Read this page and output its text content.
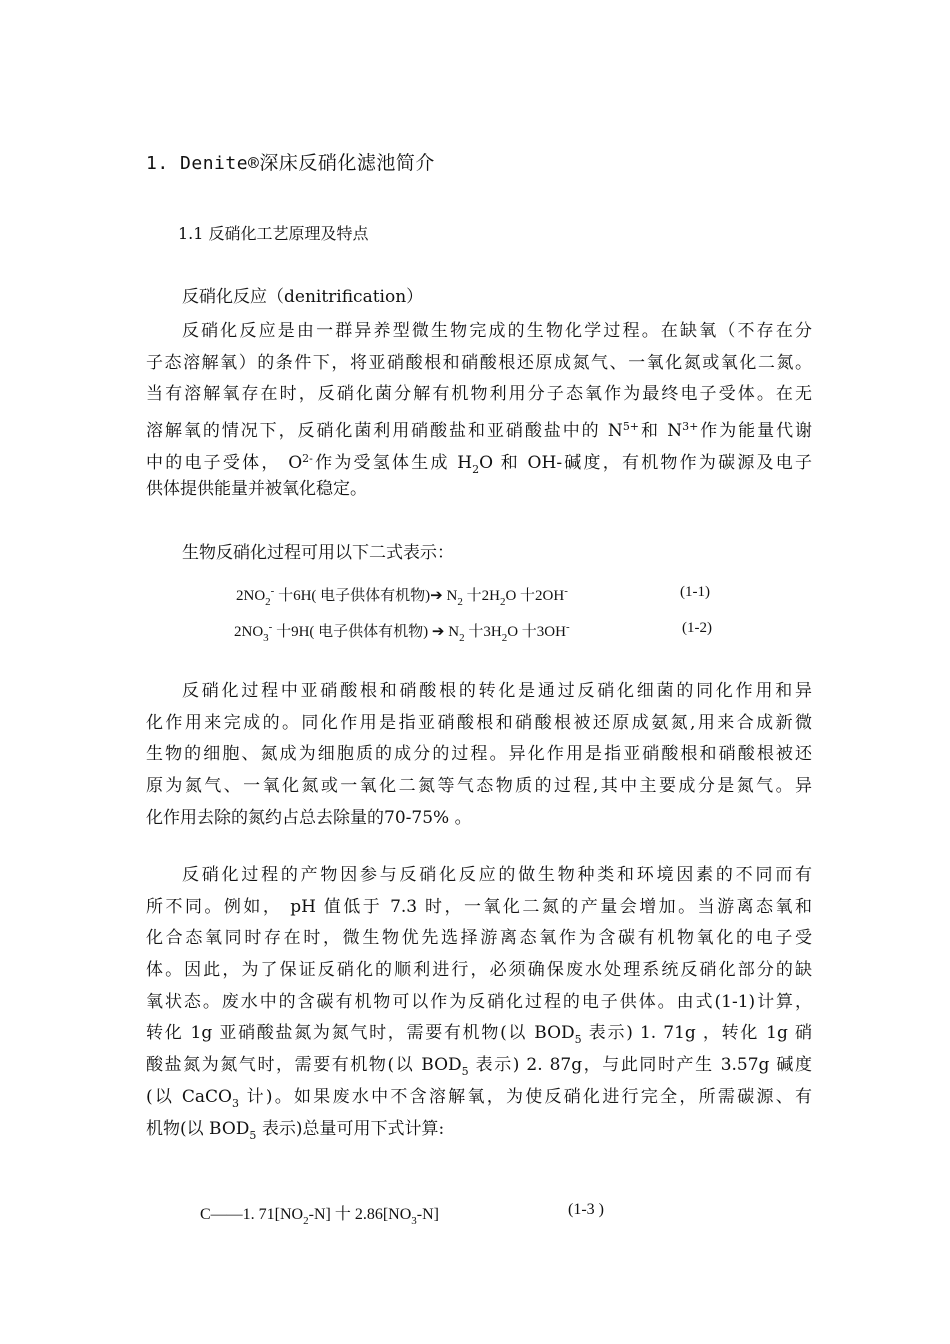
1. Denite®深床反硝化滤池简介
1.1 反硝化工艺原理及特点
反硝化反应（denitrification）
反硝化反应是由一群异养型微生物完成的生物化学过程。在缺氧（不存在分
子态溶解氧）的条件下，将亚硝酸根和硝酸根还原成氮气、一氧化氮或氧化二氮。
当有溶解氧存在时，反硝化菌分解有机物利用分子态氧作为最终电子受体。在无
溶解氧的情况下，反硝化菌利用硝酸盐和亚硝酸盐中的 $N^{5+}$和 $N^{3+}$作为能量代谢
中的电子受体， $O^{2-}$作为受氢体生成 $H_2O$ 和 OH-碱度，有机物作为碳源及电子
供体提供能量并被氧化稳定。
生物反硝化过程可用以下二式表示：
$2NO_2^-$ 十6H( 电子供体有机物)➔ $N_2$ 十$2H_2O$ 十2OH-	(1-1)
$2NO_3^-$ 十9H( 电子供体有机物) ➔ $N_2$ 十$3H_2O$ 十3OH-	(1-2)
反硝化过程中亚硝酸根和硝酸根的转化是通过反硝化细菌的同化作用和异
化作用来完成的。同化作用是指亚硝酸根和硝酸根被还原成氨氮,用来合成新微
生物的细胞、氮成为细胞质的成分的过程。异化作用是指亚硝酸根和硝酸根被还
原为氮气、一氧化氮或一氧化二氮等气态物质的过程,其中主要成分是氮气。异
化作用去除的氮约占总去除量的70-75% 。
反硝化过程的产物因参与反硝化反应的做生物种类和环境因素的不同而有
所不同。例如， pH 值低于 7.3 时，一氧化二氮的产量会增加。当游离态氧和
化合态氧同时存在时，微生物优先选择游离态氧作为含碳有机物氧化的电子受
体。因此，为了保证反硝化的顺利进行，必须确保废水处理系统反硝化部分的缺
氧状态。废水中的含碳有机物可以作为反硝化过程的电子供体。由式(1-1)计算，
转化 1g 亚硝酸盐氮为氮气时，需要有机物(以 $BOD_5$ 表示) 1. 71g ，转化 1g 硝
酸盐氮为氮气时，需要有机物(以 $BOD_5$ 表示) 2. 87g，与此同时产生 3.57g 碱度
(以 CaCO$_3$ 计)。如果废水中不含溶解氧，为使反硝化进行完全，所需碳源、有
机物(以 $BOD_5$ 表示)总量可用下式计算:
C——1. $71[NO_2-N]$ 十 $2.86[NO_3-N]$	(1-3 )
